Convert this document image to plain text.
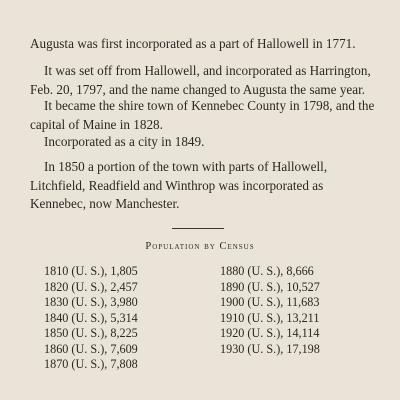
Augusta was first incorporated as a part of Hallowell in 1771.

It was set off from Hallowell, and incorporated as Harrington, Feb. 20, 1797, and the name changed to Augusta the same year.

It became the shire town of Kennebec County in 1798, and the capital of Maine in 1828.

Incorporated as a city in 1849.

In 1850 a portion of the town with parts of Hallowell, Litchfield, Readfield and Winthrop was incorporated as Kennebec, now Manchester.

Population by Census
1810 (U. S.), 1,805
1820 (U. S.), 2,457
1830 (U. S.), 3,980
1840 (U. S.), 5,314
1850 (U. S.), 8,225
1860 (U. S.), 7,609
1870 (U. S.), 7,808
1880 (U. S.), 8,666
1890 (U. S.), 10,527
1900 (U. S.), 11,683
1910 (U. S.), 13,211
1920 (U. S.), 14,114
1930 (U. S.), 17,198
